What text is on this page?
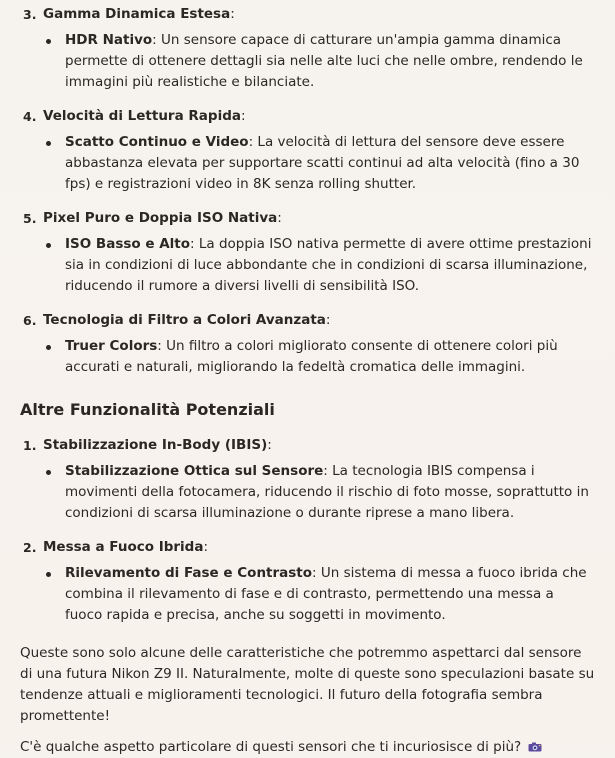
3. Gamma Dinamica Estesa:
HDR Nativo: Un sensore capace di catturare un'ampia gamma dinamica permette di ottenere dettagli sia nelle alte luci che nelle ombre, rendendo le immagini più realistiche e bilanciate.
4. Velocità di Lettura Rapida:
Scatto Continuo e Video: La velocità di lettura del sensore deve essere abbastanza elevata per supportare scatti continui ad alta velocità (fino a 30 fps) e registrazioni video in 8K senza rolling shutter.
5. Pixel Puro e Doppia ISO Nativa:
ISO Basso e Alto: La doppia ISO nativa permette di avere ottime prestazioni sia in condizioni di luce abbondante che in condizioni di scarsa illuminazione, riducendo il rumore a diversi livelli di sensibilità ISO.
6. Tecnologia di Filtro a Colori Avanzata:
Truer Colors: Un filtro a colori migliorato consente di ottenere colori più accurati e naturali, migliorando la fedeltà cromatica delle immagini.
Altre Funzionalità Potenziali
1. Stabilizzazione In-Body (IBIS):
Stabilizzazione Ottica sul Sensore: La tecnologia IBIS compensa i movimenti della fotocamera, riducendo il rischio di foto mosse, soprattutto in condizioni di scarsa illuminazione o durante riprese a mano libera.
2. Messa a Fuoco Ibrida:
Rilevamento di Fase e Contrasto: Un sistema di messa a fuoco ibrida che combina il rilevamento di fase e di contrasto, permettendo una messa a fuoco rapida e precisa, anche su soggetti in movimento.

Queste sono solo alcune delle caratteristiche che potremmo aspettarci dal sensore di una futura Nikon Z9 II. Naturalmente, molte di queste sono speculazioni basate su tendenze attuali e miglioramenti tecnologici. Il futuro della fotografia sembra promettente!

C'è qualche aspetto particolare di questi sensori che ti incuriosisce di più?
